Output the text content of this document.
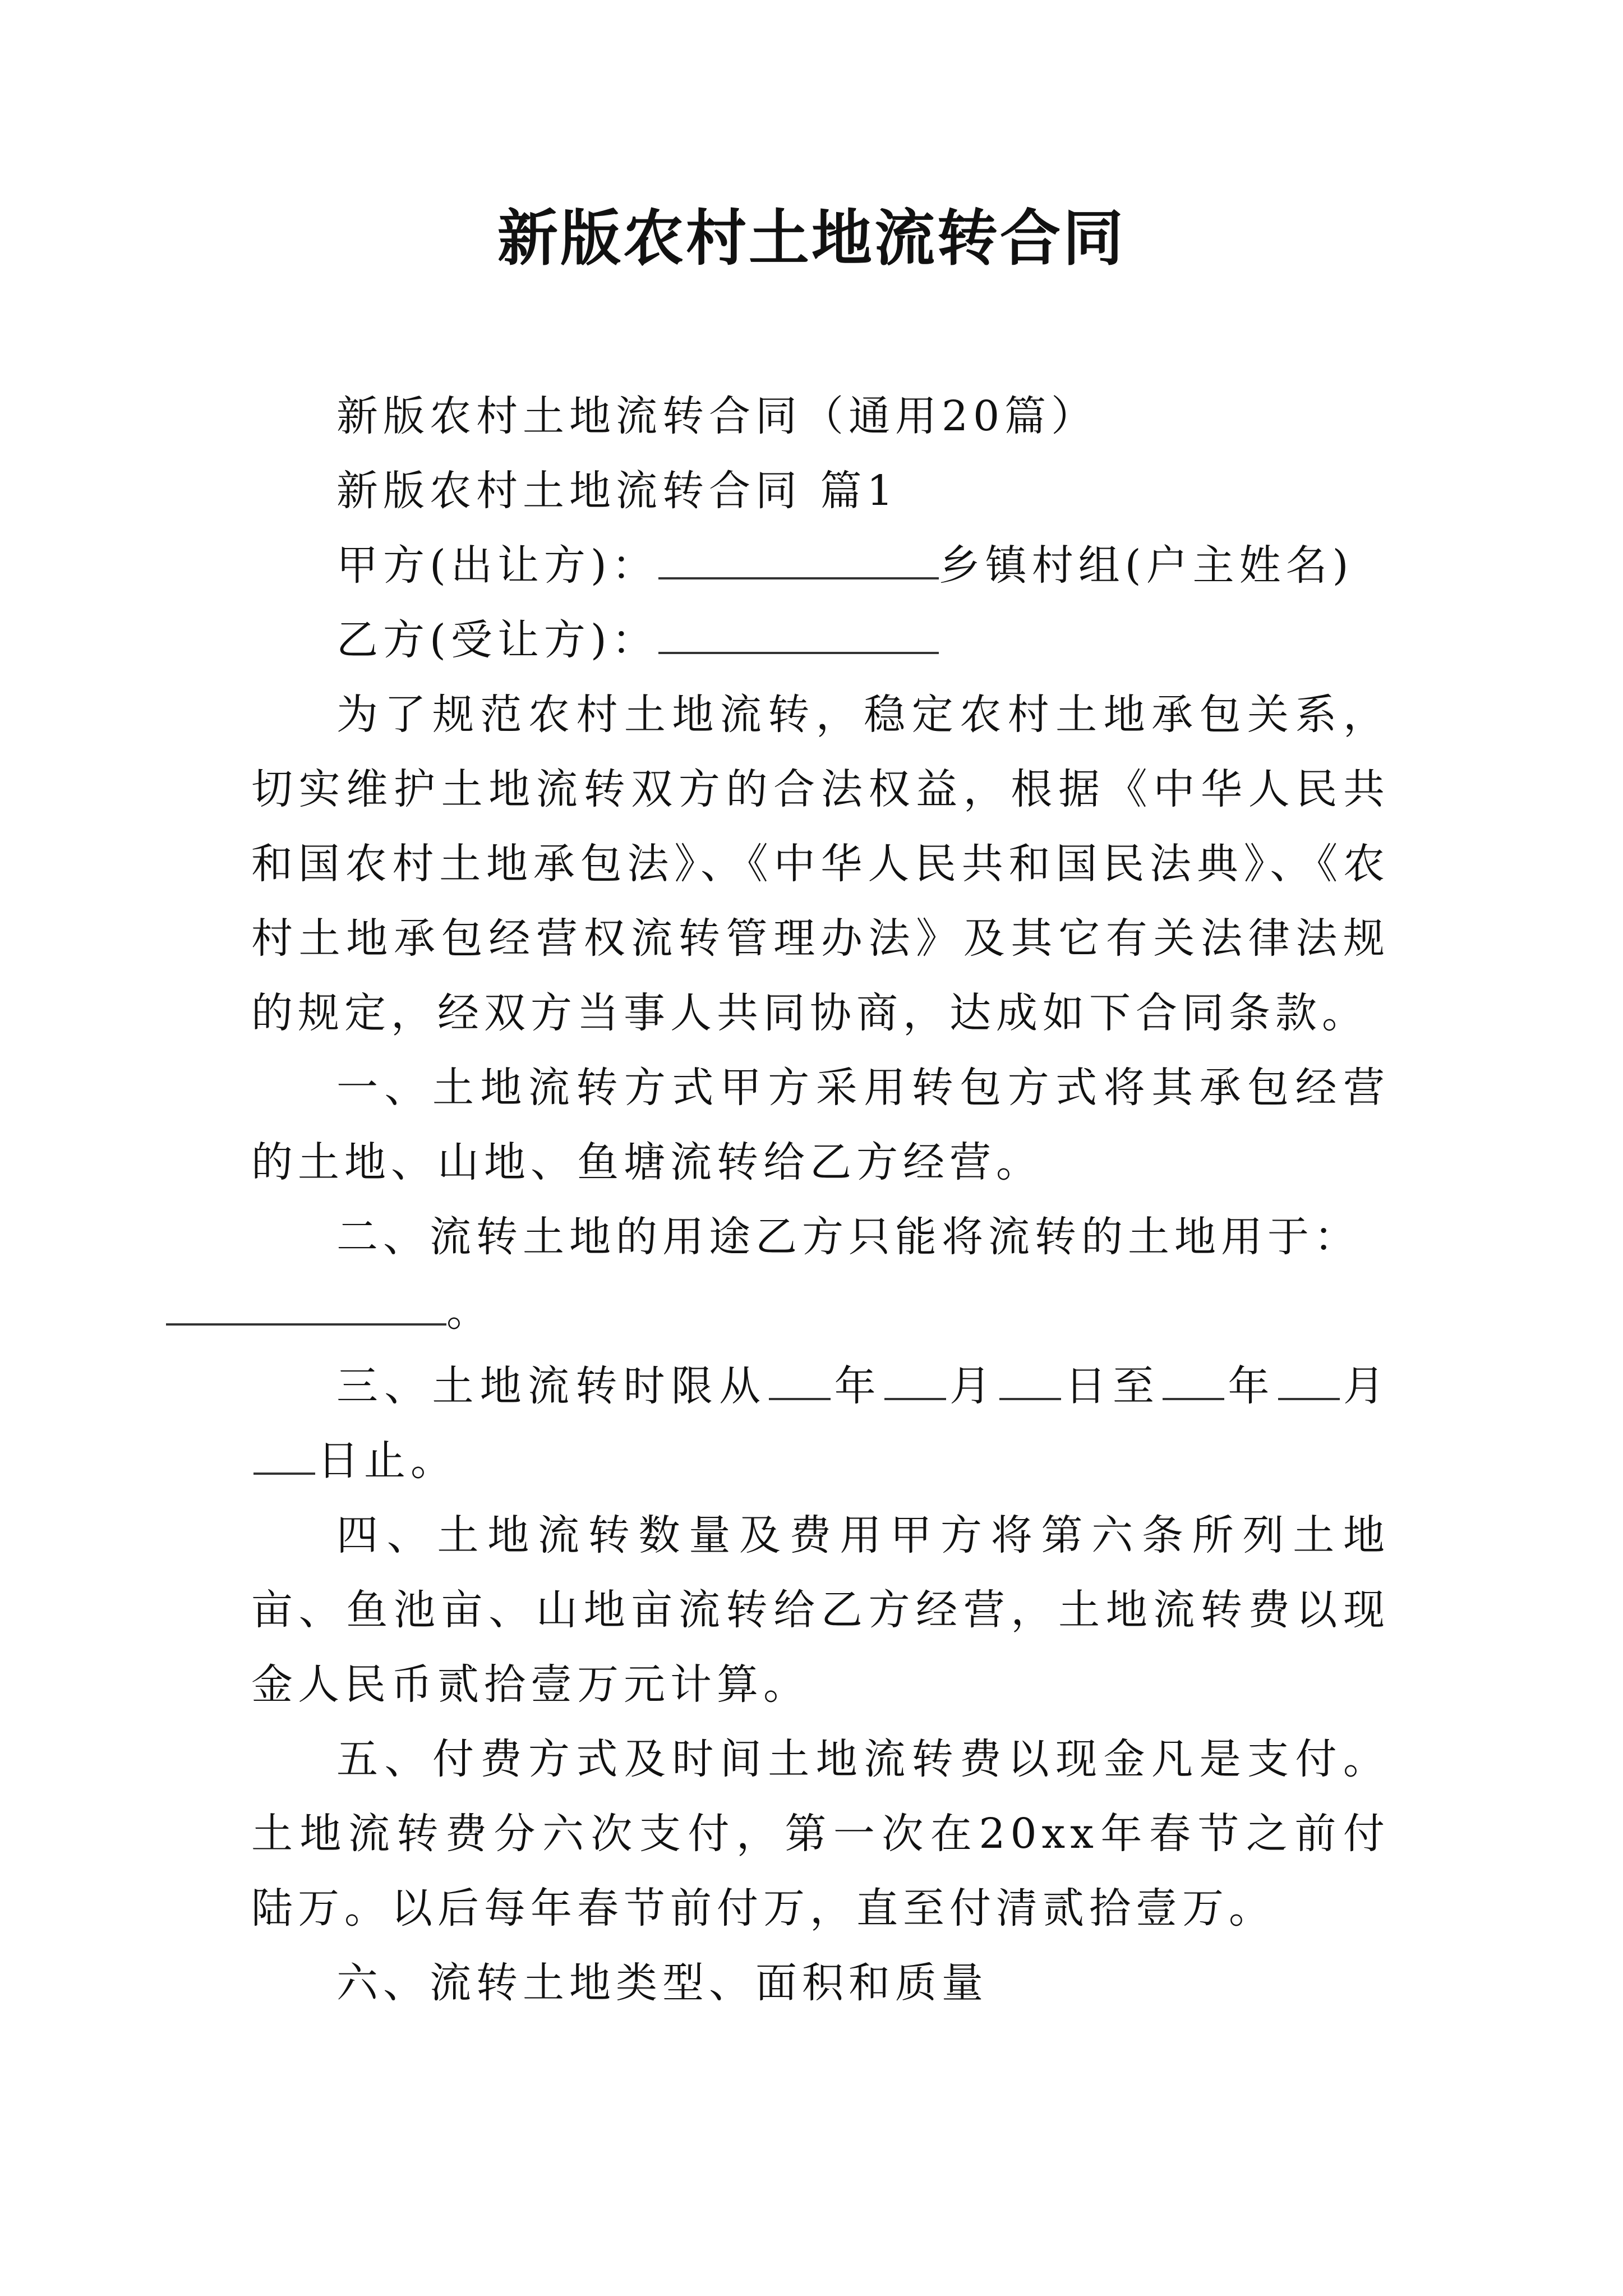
新版农村土地流转合同

新版农村土地流转合同（通用20篇）

新版农村土地流转合同 篇1

甲方(出让方)：	乡镇村组(户主姓名)

乙方(受让方)：

为了规范农村土地流转，稳定农村土地承包关系，切实维护土地流转双方的合法权益，根据《中华人民共和国农村土地承包法》、《中华人民共和国民法典》、《农村土地承包经营权流转管理办法》及其它有关法律法规的规定，经双方当事人共同协商，达成如下合同条款。

一、土地流转方式甲方采用转包方式将其承包经营的土地、山地、鱼塘流转给乙方经营。

二、流转土地的用途乙方只能将流转的土地用于：
。

三、土地流转时限从 年 月 日至 年 月日止。

四、土地流转数量及费用甲方将第六条所列土地亩、鱼池亩、山地亩流转给乙方经营，土地流转费以现金人民币贰拾壹万元计算。

五、付费方式及时间土地流转费以现金凡是支付。土地流转费分六次支付，第一次在20xx年春节之前付陆万。以后每年春节前付万，直至付清贰拾壹万。

六、流转土地类型、面积和质量
